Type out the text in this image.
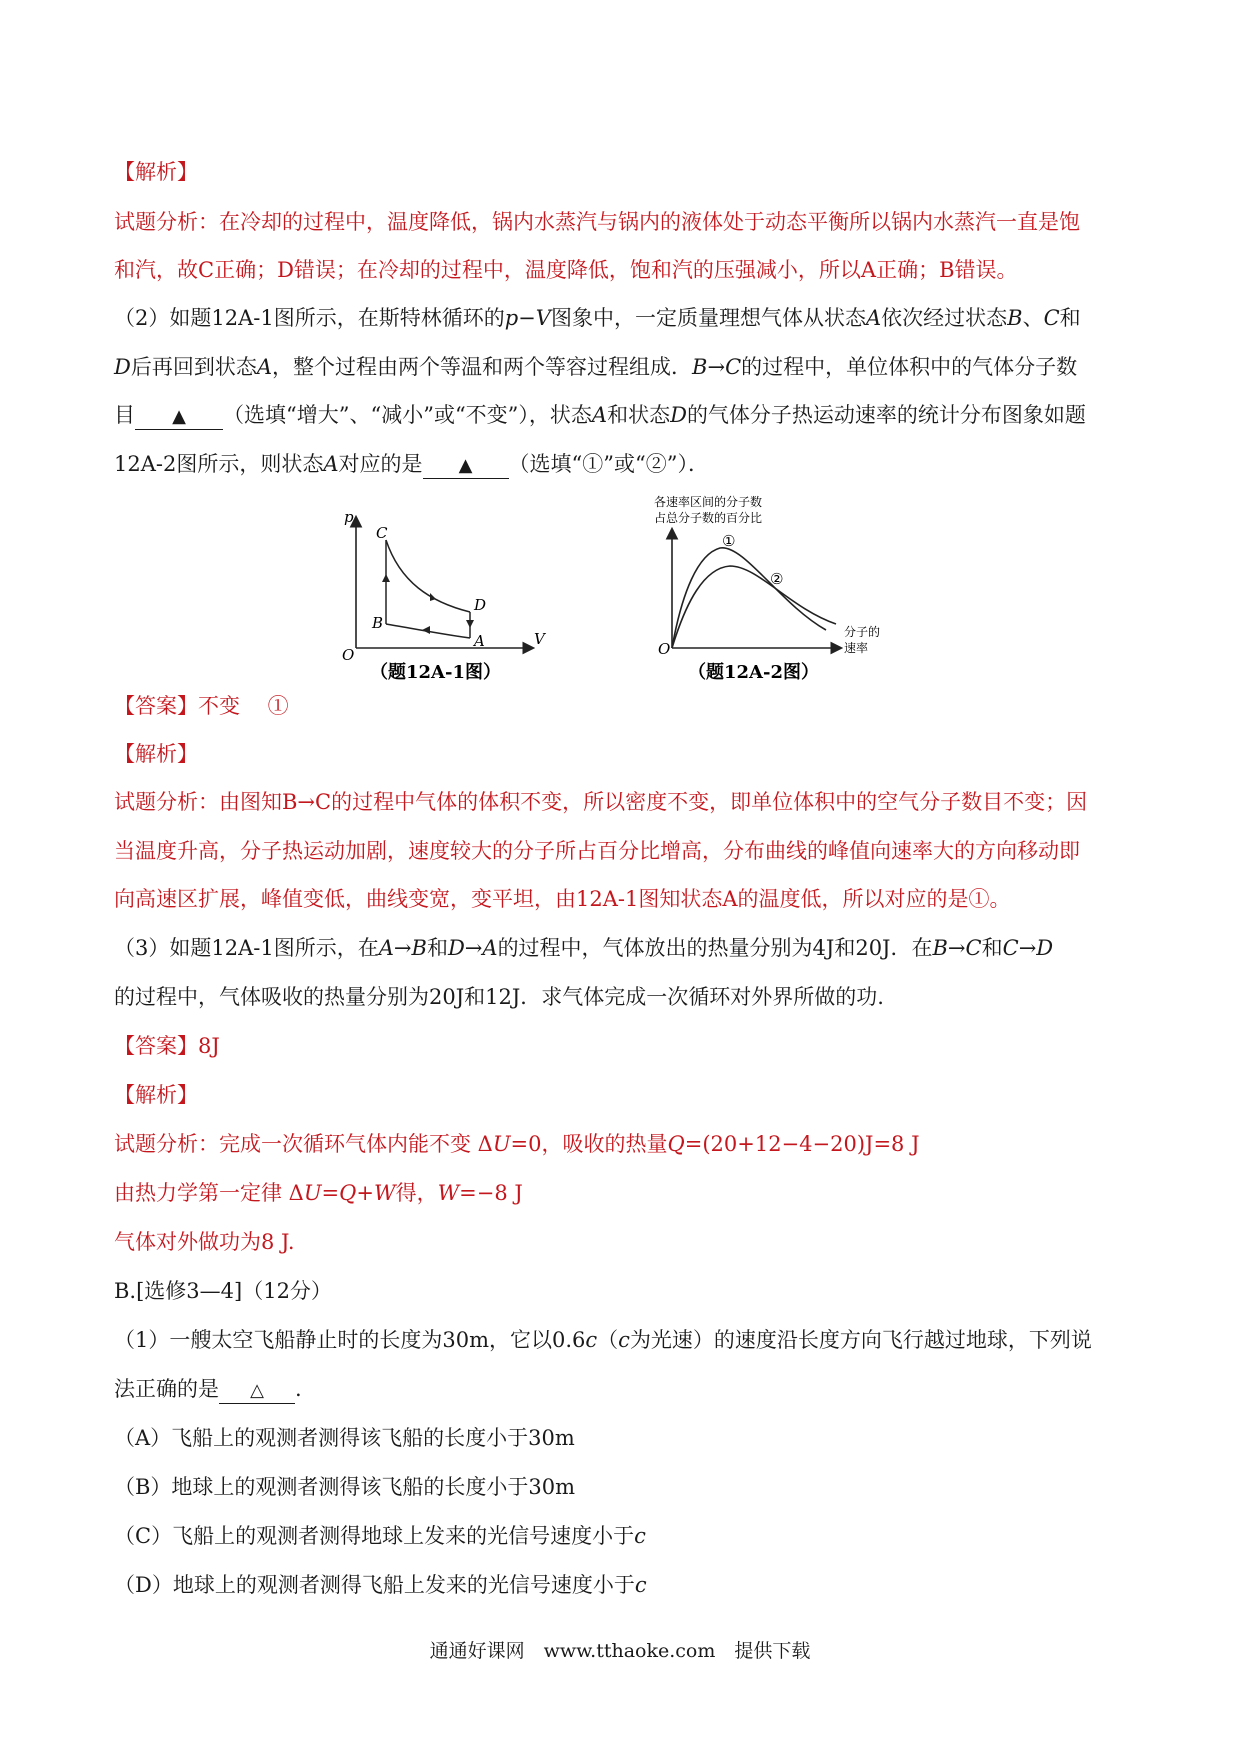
【解析】
试题分析：在冷却的过程中，温度降低，锅内水蒸汽与锅内的液体处于动态平衡所以锅内水蒸汽一直是饱
和汽，故C正确；D错误；在冷却的过程中，温度降低，饱和汽的压强减小，所以A正确；B错误。
（2）如题12A-1图所示，在斯特林循环的p−V图象中，一定质量理想气体从状态A依次经过状态B、C和
D后再回到状态A，整个过程由两个等温和两个等容过程组成．B→C的过程中，单位体积中的气体分子数
目 ▲ （选填“增大”、“减小”或“不变”），状态A和状态D的气体分子热运动速率的统计分布图象如题
12A-2图所示，则状态A对应的是 ▲ （选填“①”或“②”）．
p
V
O
C
B
D
A
（题12A-1图）
各速率区间的分子数
占总分子数的百分比
①
②
分子的
速率
O
（题12A-2图）
【答案】不变　 ①
【解析】
试题分析：由图知B→C的过程中气体的体积不变，所以密度不变，即单位体积中的空气分子数目不变；因
当温度升高，分子热运动加剧，速度较大的分子所占百分比增高，分布曲线的峰值向速率大的方向移动即
向高速区扩展，峰值变低，曲线变宽，变平坦，由12A-1图知状态A的温度低，所以对应的是①。
（3）如题12A-1图所示，在A→B和D→A的过程中，气体放出的热量分别为4J和20J．在B→C和C→D
的过程中，气体吸收的热量分别为20J和12J．求气体完成一次循环对外界所做的功.
【答案】8J
【解析】
试题分析：完成一次循环气体内能不变 ΔU=0，吸收的热量Q=(20+12−4−20)J=8 J
由热力学第一定律 ΔU=Q+W得，W=−8 J
气体对外做功为8 J.
B.[选修3—4]（12分）
（1）一艘太空飞船静止时的长度为30m，它以0.6c（c为光速）的速度沿长度方向飞行越过地球，下列说
法正确的是 △ .
（A）飞船上的观测者测得该飞船的长度小于30m
（B）地球上的观测者测得该飞船的长度小于30m
（C）飞船上的观测者测得地球上发来的光信号速度小于c
（D）地球上的观测者测得飞船上发来的光信号速度小于c
通通好课网　www.tthaoke.com　提供下载
